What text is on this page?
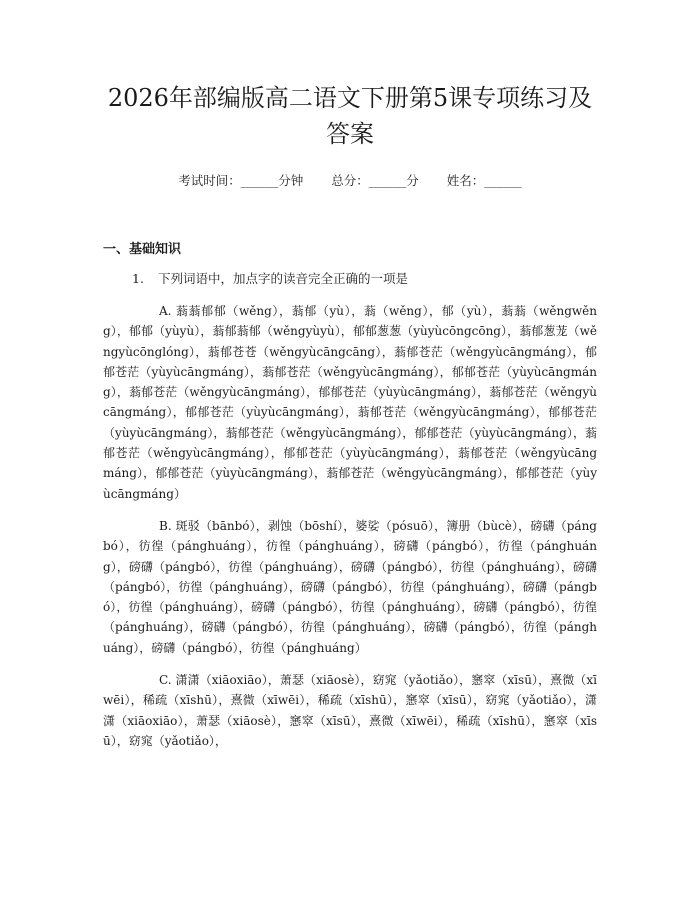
2026年部编版高二语文下册第5课专项练习及答案
考试时间：______分钟 总分：______分 姓名：______
一、基础知识
1. 下列词语中，加点字的读音完全正确的一项是
A. 蓊蓊郁郁（wěng），蓊郁（yù），蓊（wěng），郁（yù），蓊蓊（wěngwěng），郁郁（yùyù），蓊郁蓊郁（wěngyùyù），郁郁葱葱（yùyùcōngcōng），蓊郁葱茏（wěngyùcōnglóng），蓊郁苍苍（wěngyùcāngcāng），蓊郁苍茫（wěngyùcāngmáng），郁郁苍茫（yùyùcāngmáng），蓊郁苍茫（wěngyùcāngmáng），郁郁苍茫（yùyùcāngmáng），蓊郁苍茫（wěngyùcāngmáng），郁郁苍茫（yùyùcāngmáng），蓊郁苍茫（wěngyùcāngmáng），郁郁苍茫（yùyùcāngmáng），蓊郁苍茫（wěngyùcāngmáng），郁郁苍茫（yùyùcāngmáng），蓊郁苍茫（wěngyùcāngmáng），郁郁苍茫（yùyùcāngmáng），蓊郁苍茫（wěngyùcāngmáng），郁郁苍茫（yùyùcāngmáng），蓊郁苍茫（wěngyùcāngmáng），郁郁苍茫（yùyùcāngmáng），蓊郁苍茫（wěngyùcāngmáng），郁郁苍茫（yùyùcāngmáng）
B. 斑驳（bānbó），剥蚀（bōshí），婆娑（pósuō），簿册（bùcè），磅礴（pángbó），彷徨（pánghuáng），彷徨（pánghuáng），磅礴（pángbó），彷徨（pánghuáng），磅礴（pángbó），彷徨（pánghuáng），磅礴（pángbó），彷徨（pánghuáng），磅礴（pángbó），彷徨（pánghuáng），磅礴（pángbó），彷徨（pánghuáng），磅礴（pángbó），彷徨（pánghuáng），磅礴（pángbó），彷徨（pánghuáng），磅礴（pángbó），彷徨（pánghuáng），磅礴（pángbó），彷徨（pánghuáng），磅礴（pángbó），彷徨（pánghuáng），磅礴（pángbó），彷徨（pánghuáng）
C. 潇潇（xiāoxiāo），萧瑟（xiāosè），窈窕（yǎotiǎo），窸窣（xīsū），熹微（xīwēi），稀疏（xīshū），熹微（xīwēi），稀疏（xīshū），窸窣（xīsū），窈窕（yǎotiǎo），潇潇（xiāoxiāo），萧瑟（xiāosè），窸窣（xīsū），熹微（xīwēi），稀疏（xīshū），窸窣（xīsū），窈窕（yǎotiǎo），
